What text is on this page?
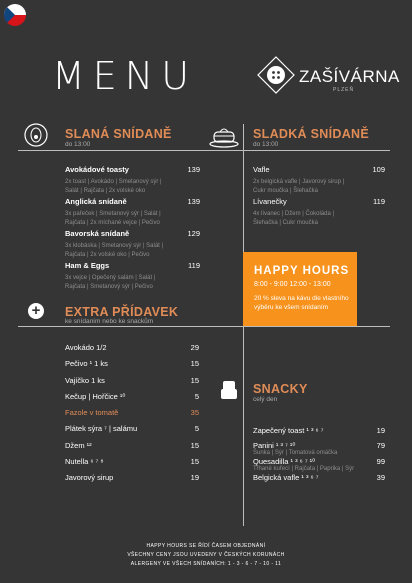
MENU	ZAŠÍVÁRNA
PLZEŇ
SLANÁ SNÍDANĚ
do 13:00
Avokádové toasty	139
2x toast | Avokádo | Smetanový sýr |
Salát | Rajčata | 2x volské oko
Anglická snídaně	139
3x pařeček | Smetanový sýr | Salát |
Rajčata | 2x míchané vejce | Pečivo
Bavorská snídaně	129
3x klobáska | Smetanový sýr | Salát |
Rajčata | 2x volské oko | Pečivo
Ham & Eggs	119
3x vejce | Opečený salám | Salát |
Rajčata | Smetanový sýr | Pečivo
SLADKÁ SNÍDANĚ
do 13:00
Vafle	109
2x belgická vafle | Javorový sirup |
Cukr moučka | Šlehačka
Lívanečky	119
4x lívanec | Džem | Čokoláda |
Šlehačka | Cukr moučka
HAPPY HOURS
8:00 - 9:00 12:00 - 13:00
20 % sleva na kávu dle vlastního
výběru ke všem snídaním
+ EXTRA PŘÍDAVEK
ke snídaním nebo ke snackům
Avokádo 1/2	29
Pečivo ¹ 1 ks	15
Vajíčko 1 ks	15
Kečup | Hořčice ¹⁰	5
Fazole v tomatě	35
Plátek sýra ⁷ | salámu	5
Džem ¹²	15
Nutella ⁶ ⁷ ⁸	15
Javorový sirup	19
SNACKY
celý den
Zapečený toast ¹ ³ ⁶ ⁷	19
Panini ¹ ³ ⁷ ¹⁰	79
Šunka | Sýr | Tomatová omáčka
Quesadilla ¹ ³ ⁶ ⁷ ¹⁰	99
Trhané kuřecí | Rajčata | Paprika | Sýr
Belgická vafle ¹ ³ ⁶ ⁷	39
HAPPY HOURS SE ŘÍDÍ ČASEM OBJEDNÁNÍ
VŠECHNY CENY JSOU UVEDENY V ČESKÝCH KORUNÁCH
ALERGENY VE VŠECH SNÍDANÍCH: 1 - 3 - 6 - 7 - 10 - 11
